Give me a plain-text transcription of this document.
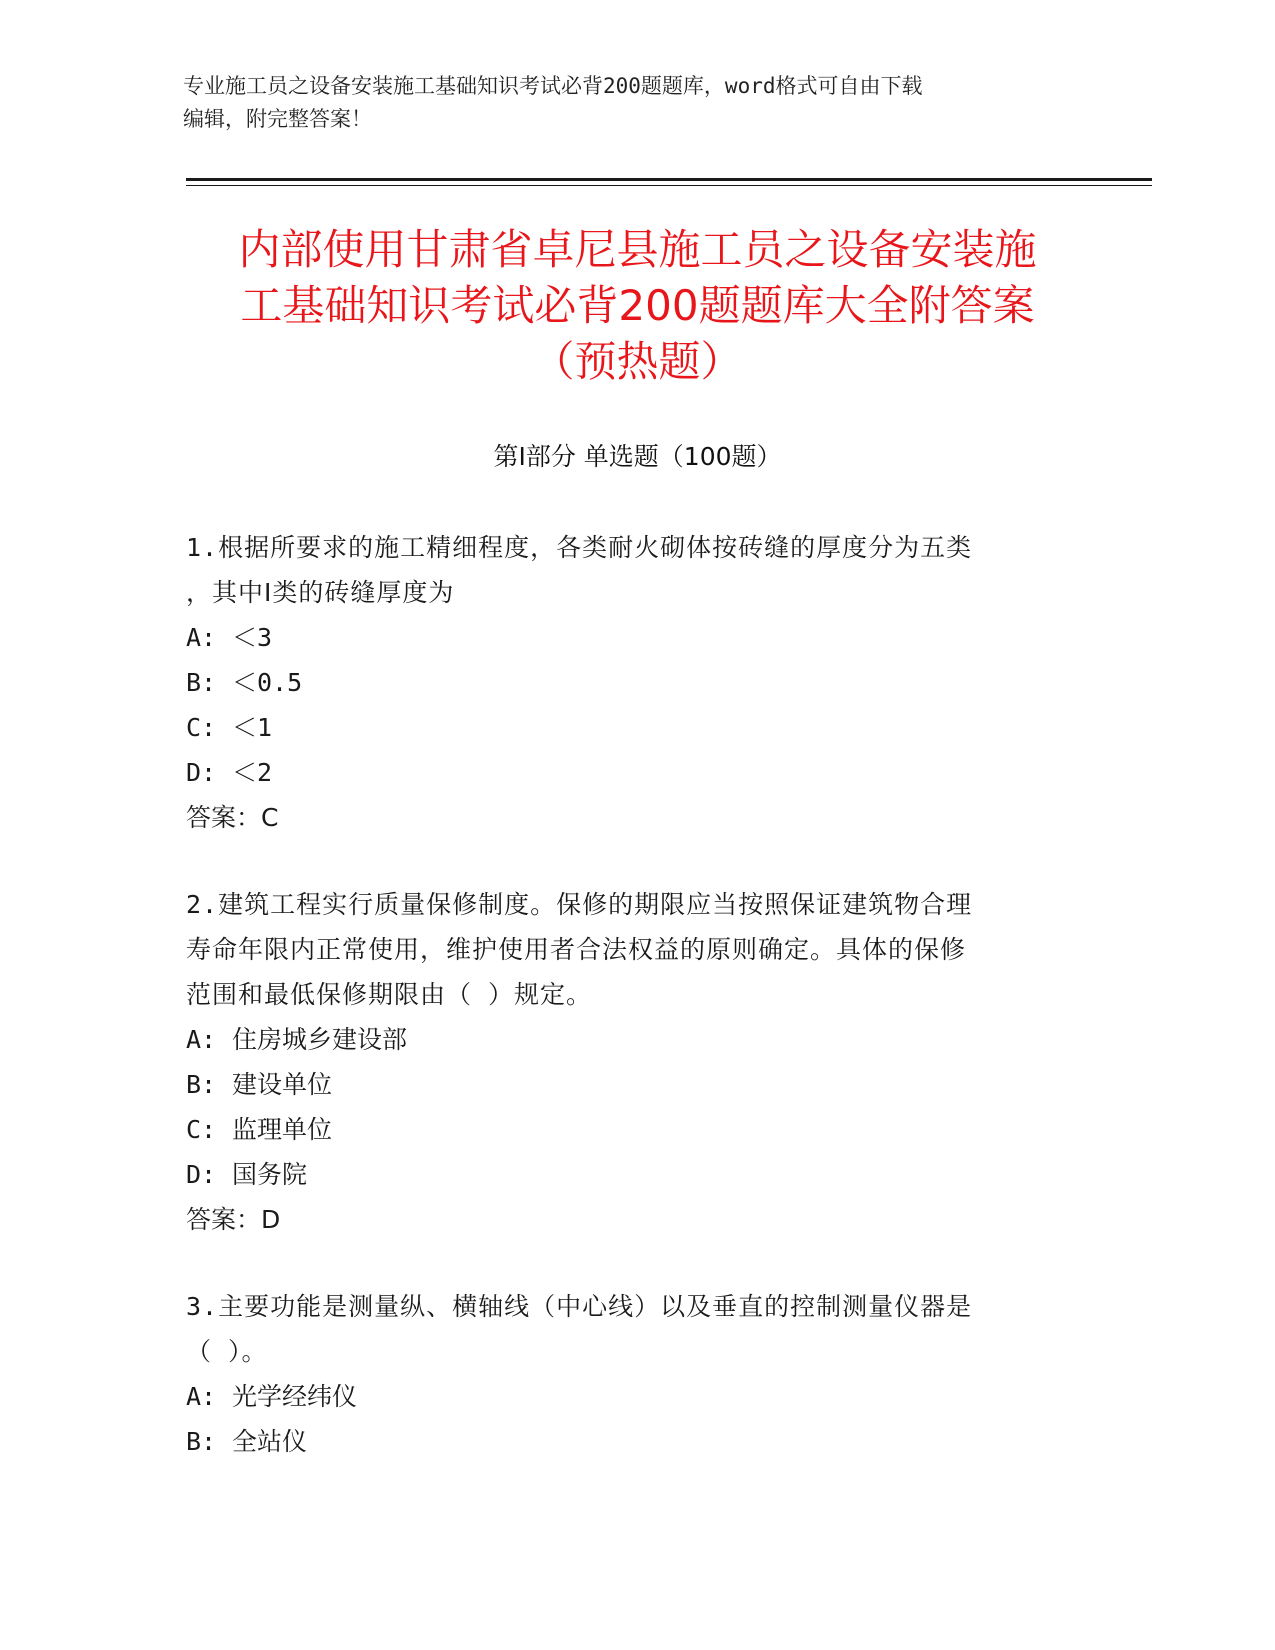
专业施工员之设备安装施工基础知识考试必背200题题库，word格式可自由下载
编辑，附完整答案！
内部使用甘肃省卓尼县施工员之设备安装施
工基础知识考试必背200题题库大全附答案
（预热题）
第Ⅰ部分 单选题（100题）
1.根据所要求的施工精细程度，各类耐火砌体按砖缝的厚度分为五类
，其中Ⅰ类的砖缝厚度为
A: ＜3
B: ＜0.5
C: ＜1
D: ＜2
答案：C
2.建筑工程实行质量保修制度。保修的期限应当按照保证建筑物合理
寿命年限内正常使用，维护使用者合法权益的原则确定。具体的保修
范围和最低保修期限由（ ）规定。
A: 住房城乡建设部
B: 建设单位
C: 监理单位
D: 国务院
答案：D
3.主要功能是测量纵、横轴线（中心线）以及垂直的控制测量仪器是
（ ）。
A: 光学经纬仪
B: 全站仪
